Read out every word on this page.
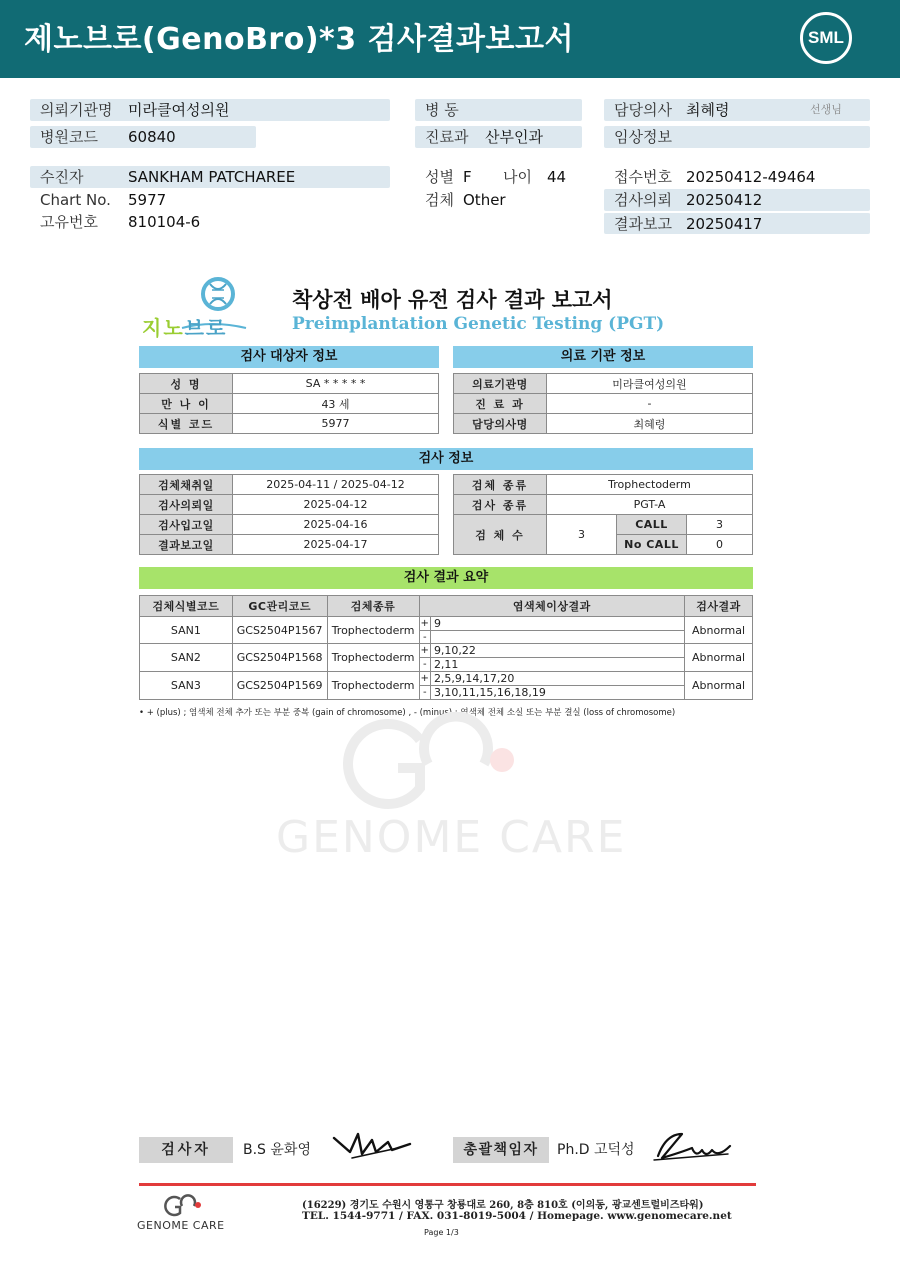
제노브로(GenoBro)*3 검사결과보고서	SML
의뢰기관명 미라클여성의원
병원코드 60840
수진자	SANKHAM PATCHAREE
Chart No. 5977
고유번호 810104-6
병 동
진료과 산부인과
성별 F 나이 44
검체 Other
담당의사 최혜령	선생님
임상정보
접수번호 20250412-49464
검사의뢰 20250412
결과보고 20250417
지노브로
착상전 배아 유전 검사 결과 보고서
Preimplantation Genetic Testing (PGT)
검사 대상자 정보
성 명	SA * * * * *
만 나 이	43 세
식별 코드	5977
의료 기관 정보
의료기관명	미라클여성의원
진 료 과	-
담당의사명	최혜령
검사 정보
검체채취일	2025-04-11 / 2025-04-12
검사의뢰일	2025-04-12
검사입고일	2025-04-16
결과보고일	2025-04-17
검체 종류	Trophectoderm		
검사 종류	PGT-A		
검 체 수	3	CALL	3
		No CALL	0
검사 결과 요약
검체식별코드	GC관리코드	검체종류	염색체이상결과		검사결과
SAN1	GCS2504P1567	Trophectoderm	+	9	Abnormal
			-		
SAN2	GCS2504P1568	Trophectoderm	+	9,10,22	Abnormal
			-	2,11	
SAN3	GCS2504P1569	Trophectoderm	+	2,5,9,14,17,20	Abnormal
			-	3,10,11,15,16,18,19	
• + (plus) ; 염색체 전체 추가 또는 부분 중복 (gain of chromosome) , - (minus) ; 염색체 전체 소실 또는 부분 결실 (loss of chromosome)
GENOME CARE
검사자	B.S 윤화영	총괄책임자	Ph.D 고덕성
GENOME CARE
(16229) 경기도 수원시 영통구 창룡대로 260, 8층 810호 (이의동, 광교센트럴비즈타워)
TEL. 1544-9771 / FAX. 031-8019-5004 / Homepage. www.genomecare.net
Page 1/3
